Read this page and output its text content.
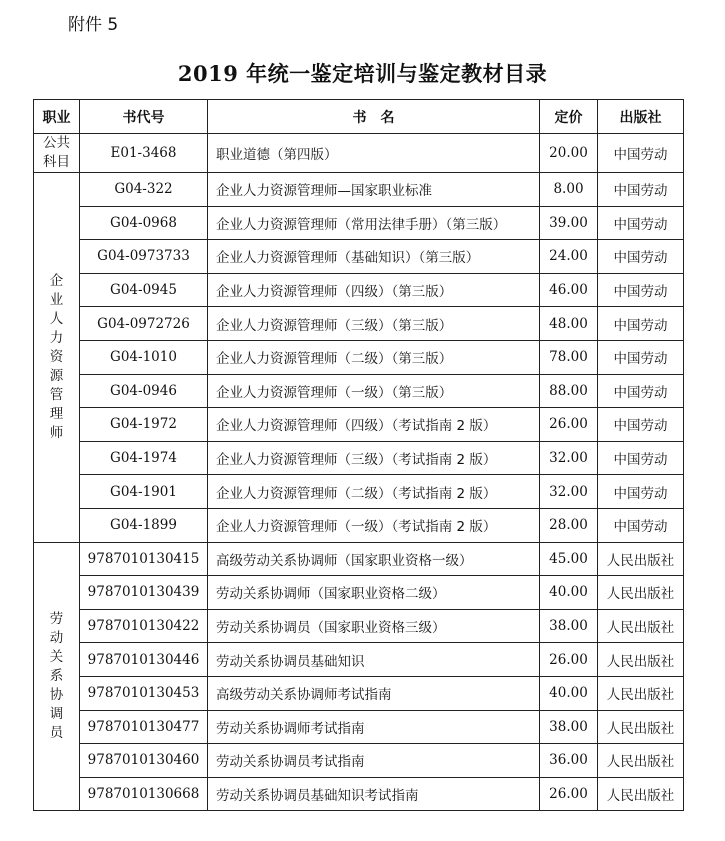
附件 5
2019 年统一鉴定培训与鉴定教材目录
职业	书代号	书　名	定价	出版社
公共科目	E01-3468	职业道德（第四版）	20.00	中国劳动
企业人力资源管理师	G04-322	企业人力资源管理师—国家职业标准	8.00	中国劳动
	G04-0968	企业人力资源管理师（常用法律手册）（第三版）	39.00	中国劳动
	G04-0973733	企业人力资源管理师（基础知识）（第三版）	24.00	中国劳动
	G04-0945	企业人力资源管理师（四级）（第三版）	46.00	中国劳动
	G04-0972726	企业人力资源管理师（三级）（第三版）	48.00	中国劳动
	G04-1010	企业人力资源管理师（二级）（第三版）	78.00	中国劳动
	G04-0946	企业人力资源管理师（一级）（第三版）	88.00	中国劳动
	G04-1972	企业人力资源管理师（四级）（考试指南 2 版）	26.00	中国劳动
	G04-1974	企业人力资源管理师（三级）（考试指南 2 版）	32.00	中国劳动
	G04-1901	企业人力资源管理师（二级）（考试指南 2 版）	32.00	中国劳动
	G04-1899	企业人力资源管理师（一级）（考试指南 2 版）	28.00	中国劳动
劳动关系协调员	9787010130415	高级劳动关系协调师（国家职业资格一级）	45.00	人民出版社
	9787010130439	劳动关系协调师（国家职业资格二级）	40.00	人民出版社
	9787010130422	劳动关系协调员（国家职业资格三级）	38.00	人民出版社
	9787010130446	劳动关系协调员基础知识	26.00	人民出版社
	9787010130453	高级劳动关系协调师考试指南	40.00	人民出版社
	9787010130477	劳动关系协调师考试指南	38.00	人民出版社
	9787010130460	劳动关系协调员考试指南	36.00	人民出版社
	9787010130668	劳动关系协调员基础知识考试指南	26.00	人民出版社
